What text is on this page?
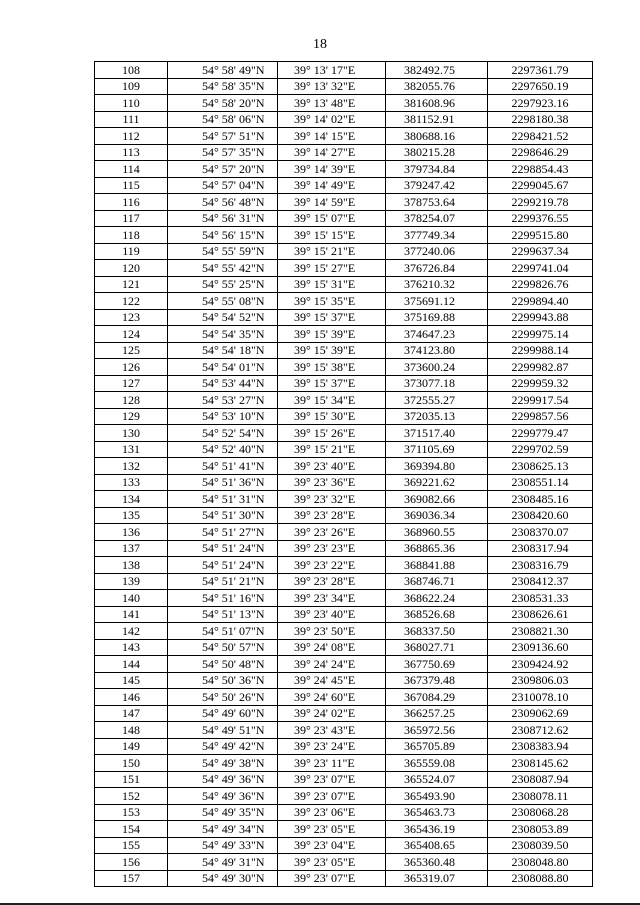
18
108	54° 58' 49"N	39° 13' 17"E	382492.75	2297361.79
109	54° 58' 35"N	39° 13' 32"E	382055.76	2297650.19
110	54° 58' 20"N	39° 13' 48"E	381608.96	2297923.16
111	54° 58' 06"N	39° 14' 02"E	381152.91	2298180.38
112	54° 57' 51"N	39° 14' 15"E	380688.16	2298421.52
113	54° 57' 35"N	39° 14' 27"E	380215.28	2298646.29
114	54° 57' 20"N	39° 14' 39"E	379734.84	2298854.43
115	54° 57' 04"N	39° 14' 49"E	379247.42	2299045.67
116	54° 56' 48"N	39° 14' 59"E	378753.64	2299219.78
117	54° 56' 31"N	39° 15' 07"E	378254.07	2299376.55
118	54° 56' 15"N	39° 15' 15"E	377749.34	2299515.80
119	54° 55' 59"N	39° 15' 21"E	377240.06	2299637.34
120	54° 55' 42"N	39° 15' 27"E	376726.84	2299741.04
121	54° 55' 25"N	39° 15' 31"E	376210.32	2299826.76
122	54° 55' 08"N	39° 15' 35"E	375691.12	2299894.40
123	54° 54' 52"N	39° 15' 37"E	375169.88	2299943.88
124	54° 54' 35"N	39° 15' 39"E	374647.23	2299975.14
125	54° 54' 18"N	39° 15' 39"E	374123.80	2299988.14
126	54° 54' 01"N	39° 15' 38"E	373600.24	2299982.87
127	54° 53' 44"N	39° 15' 37"E	373077.18	2299959.32
128	54° 53' 27"N	39° 15' 34"E	372555.27	2299917.54
129	54° 53' 10"N	39° 15' 30"E	372035.13	2299857.56
130	54° 52' 54"N	39° 15' 26"E	371517.40	2299779.47
131	54° 52' 40"N	39° 15' 21"E	371105.69	2299702.59
132	54° 51' 41"N	39° 23' 40"E	369394.80	2308625.13
133	54° 51' 36"N	39° 23' 36"E	369221.62	2308551.14
134	54° 51' 31"N	39° 23' 32"E	369082.66	2308485.16
135	54° 51' 30"N	39° 23' 28"E	369036.34	2308420.60
136	54° 51' 27"N	39° 23' 26"E	368960.55	2308370.07
137	54° 51' 24"N	39° 23' 23"E	368865.36	2308317.94
138	54° 51' 24"N	39° 23' 22"E	368841.88	2308316.79
139	54° 51' 21"N	39° 23' 28"E	368746.71	2308412.37
140	54° 51' 16"N	39° 23' 34"E	368622.24	2308531.33
141	54° 51' 13"N	39° 23' 40"E	368526.68	2308626.61
142	54° 51' 07"N	39° 23' 50"E	368337.50	2308821.30
143	54° 50' 57"N	39° 24' 08"E	368027.71	2309136.60
144	54° 50' 48"N	39° 24' 24"E	367750.69	2309424.92
145	54° 50' 36"N	39° 24' 45"E	367379.48	2309806.03
146	54° 50' 26"N	39° 24' 60"E	367084.29	2310078.10
147	54° 49' 60"N	39° 24' 02"E	366257.25	2309062.69
148	54° 49' 51"N	39° 23' 43"E	365972.56	2308712.62
149	54° 49' 42"N	39° 23' 24"E	365705.89	2308383.94
150	54° 49' 38"N	39° 23' 11"E	365559.08	2308145.62
151	54° 49' 36"N	39° 23' 07"E	365524.07	2308087.94
152	54° 49' 36"N	39° 23' 07"E	365493.90	2308078.11
153	54° 49' 35"N	39° 23' 06"E	365463.73	2308068.28
154	54° 49' 34"N	39° 23' 05"E	365436.19	2308053.89
155	54° 49' 33"N	39° 23' 04"E	365408.65	2308039.50
156	54° 49' 31"N	39° 23' 05"E	365360.48	2308048.80
157	54° 49' 30"N	39° 23' 07"E	365319.07	2308088.80
